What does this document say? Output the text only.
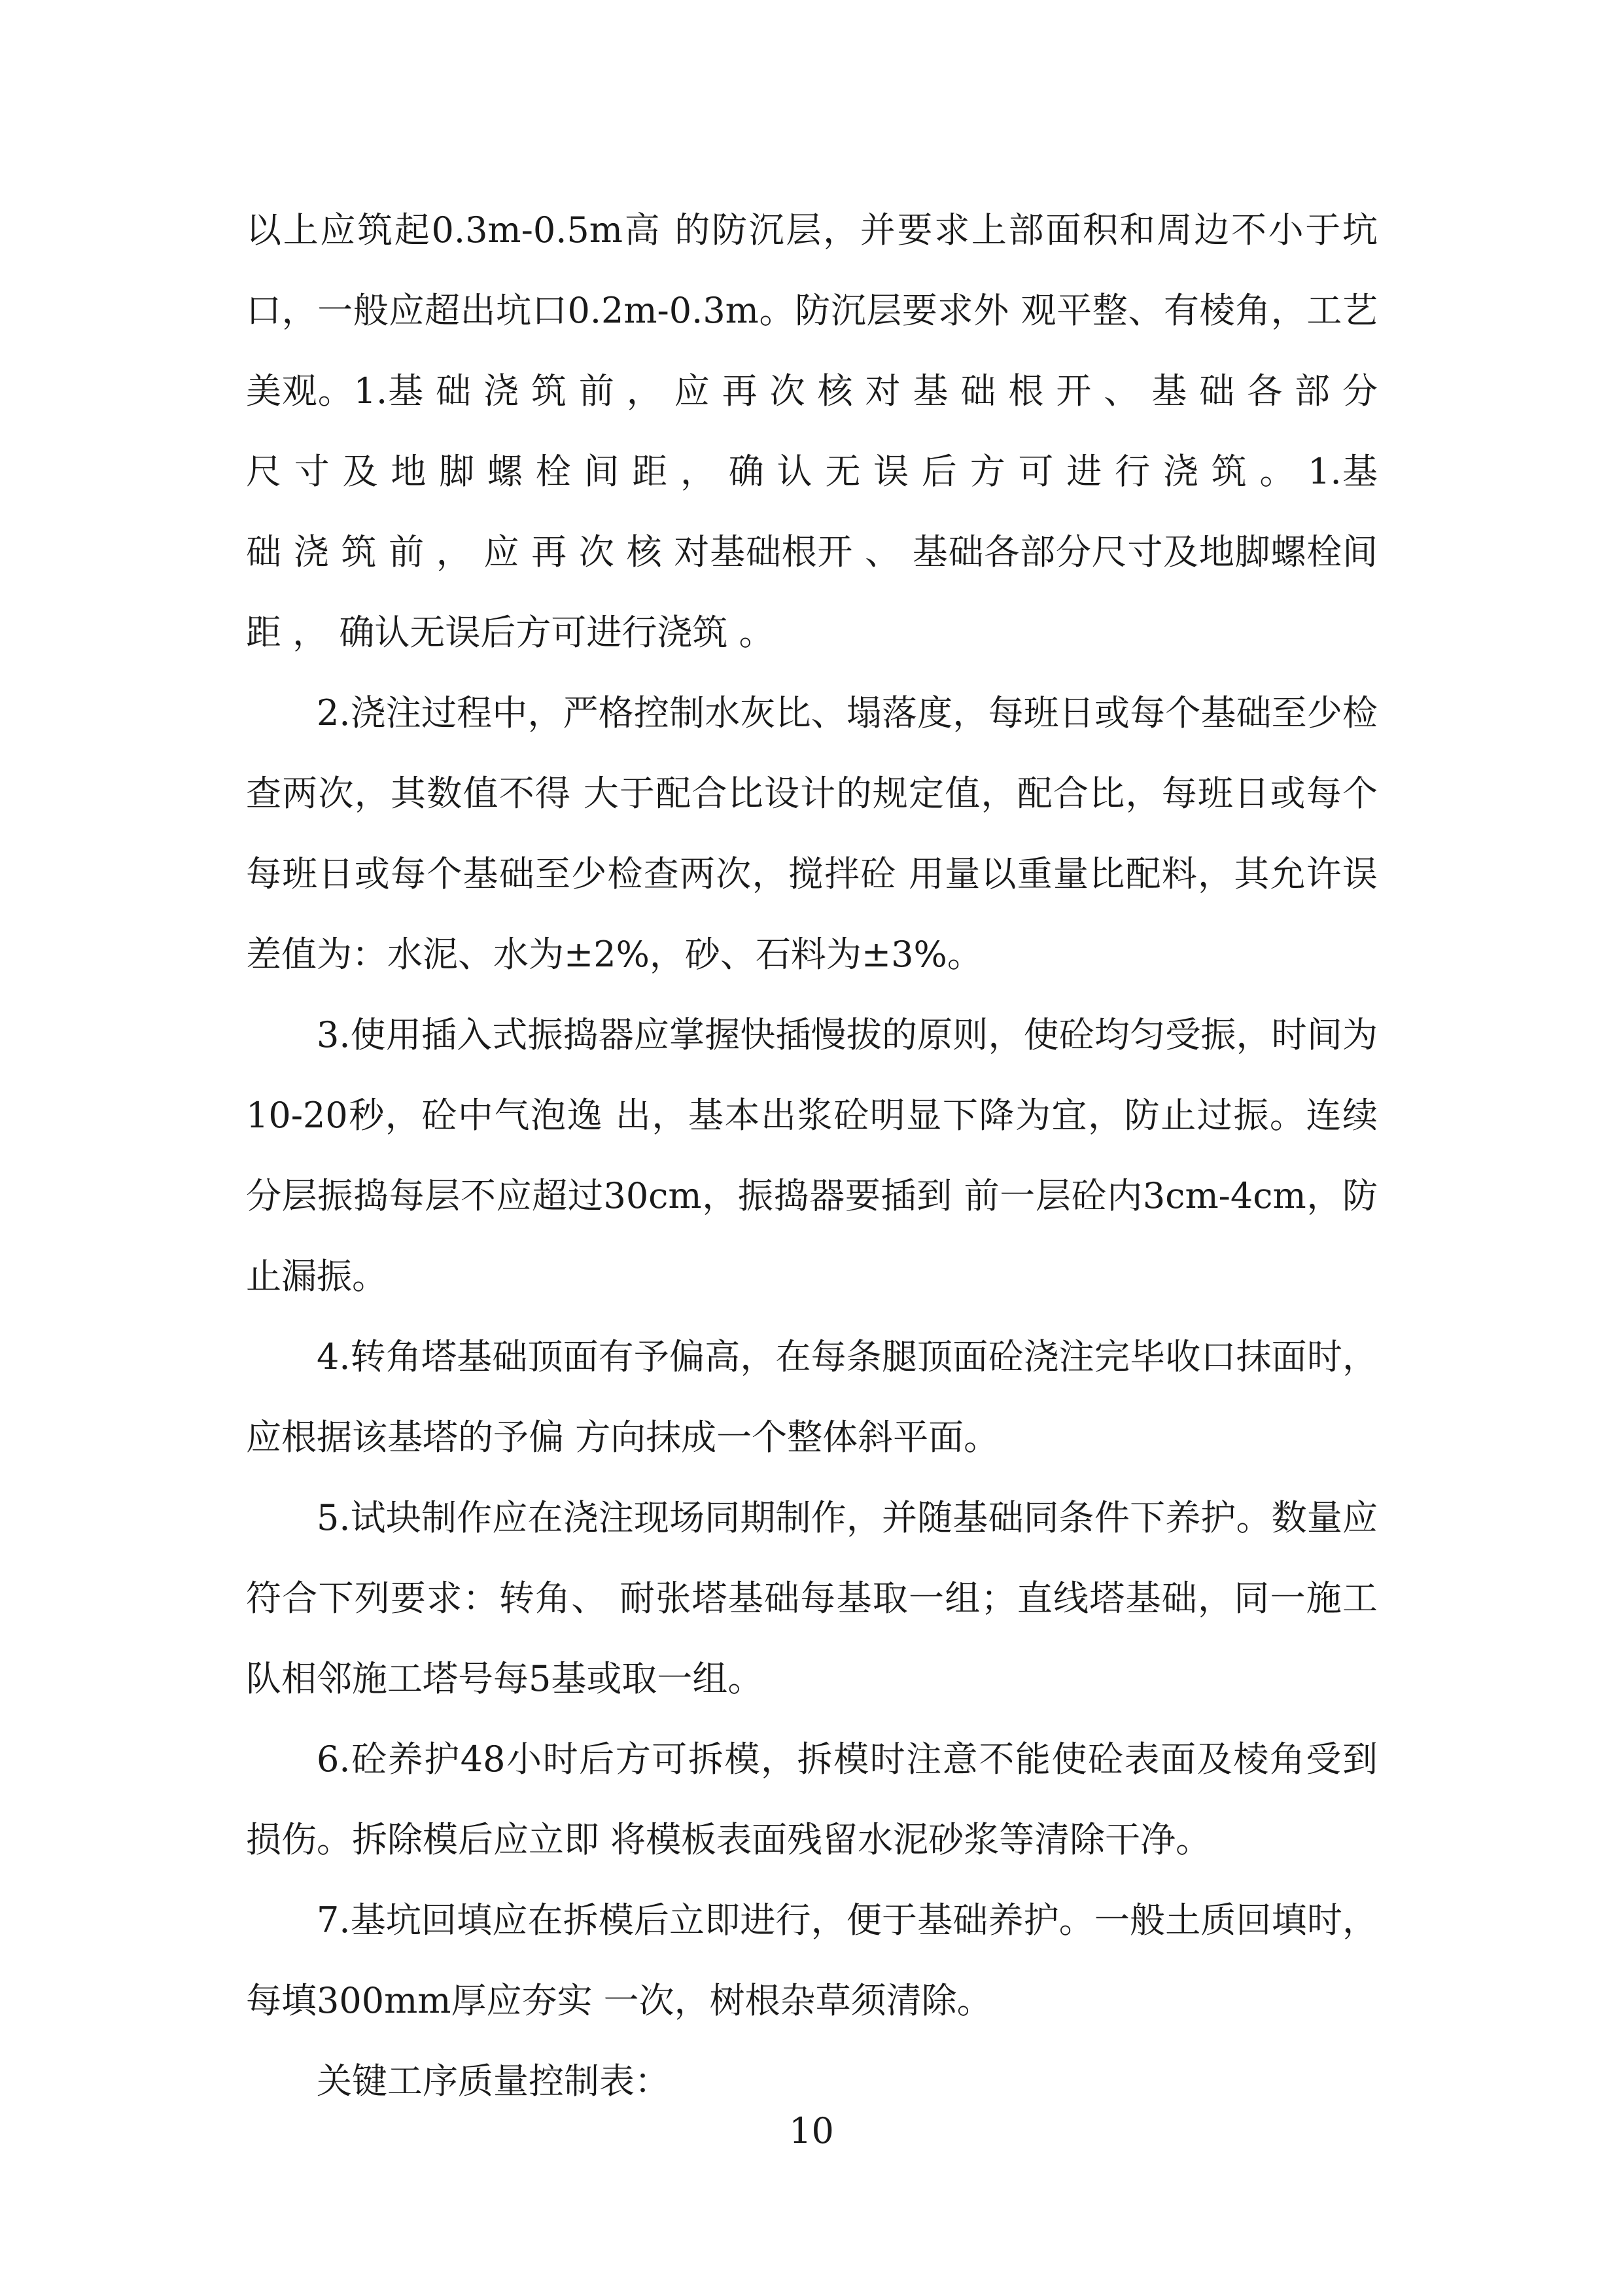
以上应筑起0.3m-0.5m高 的防沉层，并要求上部面积和周边不小于坑口，一般应超出坑口0.2m-0.3m。防沉层要求外 观平整、有棱角，工艺美观。1.基 础 浇 筑 前 ， 应 再 次 核 对 基 础 根 开 、 基 础 各 部 分 尺 寸 及 地 脚 螺 栓 间 距 ， 确 认 无 误 后 方 可 进 行 浇 筑 。 1.基 础 浇 筑 前 ， 应 再 次 核 对基础根开 、 基础各部分尺寸及地脚螺栓间距 ， 确认无误后方可进行浇筑 。

2.浇注过程中，严格控制水灰比、塌落度，每班日或每个基础至少检查两次，其数值不得 大于配合比设计的规定值，配合比，每班日或每个每班日或每个基础至少检查两次，搅拌砼 用量以重量比配料，其允许误差值为：水泥、水为±2%，砂、石料为±3%。

3.使用插入式振捣器应掌握快插慢拔的原则，使砼均匀受振，时间为10-20秒，砼中气泡逸 出，基本出浆砼明显下降为宜，防止过振。连续分层振捣每层不应超过30cm，振捣器要插到 前一层砼内3cm-4cm，防止漏振。

4.转角塔基础顶面有予偏高，在每条腿顶面砼浇注完毕收口抹面时，应根据该基塔的予偏 方向抹成一个整体斜平面。

5.试块制作应在浇注现场同期制作，并随基础同条件下养护。数量应符合下列要求：转角、 耐张塔基础每基取一组；直线塔基础，同一施工队相邻施工塔号每5基或取一组。

6.砼养护48小时后方可拆模，拆模时注意不能使砼表面及棱角受到损伤。拆除模后应立即 将模板表面残留水泥砂浆等清除干净。

7.基坑回填应在拆模后立即进行，便于基础养护。一般土质回填时，每填300mm厚应夯实 一次，树根杂草须清除。

关键工序质量控制表：

10
